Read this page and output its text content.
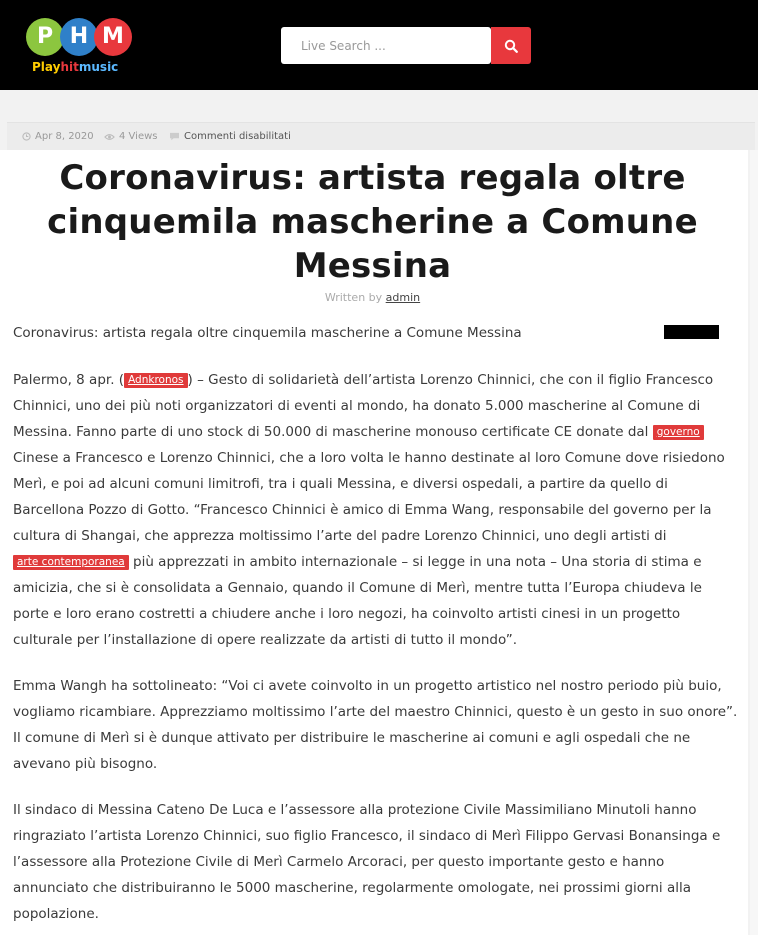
P H M
Playhitmusic
Live Search ...
Apr 8, 2020	4 Views	Commenti disabilitati
Coronavirus: artista regala oltre cinquemila mascherine a Comune Messina
Written by admin
Coronavirus: artista regala oltre cinquemila mascherine a Comune Messina

Palermo, 8 apr. ( Adnkronos ) – Gesto di solidarietà dell’artista Lorenzo Chinnici, che con il figlio Francesco Chinnici, uno dei più noti organizzatori di eventi al mondo, ha donato 5.000 mascherine al Comune di Messina. Fanno parte di uno stock di 50.000 di mascherine monouso certificate CE donate dal governo Cinese a Francesco e Lorenzo Chinnici, che a loro volta le hanno destinate al loro Comune dove risiedono Merì, e poi ad alcuni comuni limitrofi, tra i quali Messina, e diversi ospedali, a partire da quello di Barcellona Pozzo di Gotto. “Francesco Chinnici è amico di Emma Wang, responsabile del governo per la cultura di Shangai, che apprezza moltissimo l’arte del padre Lorenzo Chinnici, uno degli artisti di arte contemporanea più apprezzati in ambito internazionale – si legge in una nota – Una storia di stima e amicizia, che si è consolidata a Gennaio, quando il Comune di Merì, mentre tutta l’Europa chiudeva le porte e loro erano costretti a chiudere anche i loro negozi, ha coinvolto artisti cinesi in un progetto culturale per l’installazione di opere realizzate da artisti di tutto il mondo”.

Emma Wangh ha sottolineato: “Voi ci avete coinvolto in un progetto artistico nel nostro periodo più buio, vogliamo ricambiare. Apprezziamo moltissimo l’arte del maestro Chinnici, questo è un gesto in suo onore”. Il comune di Merì si è dunque attivato per distribuire le mascherine ai comuni e agli ospedali che ne avevano più bisogno.

Il sindaco di Messina Cateno De Luca e l’assessore alla protezione Civile Massimiliano Minutoli hanno ringraziato l’artista Lorenzo Chinnici, suo figlio Francesco, il sindaco di Merì Filippo Gervasi Bonansinga e l’assessore alla Protezione Civile di Merì Carmelo Arcoraci, per questo importante gesto e hanno annunciato che distribuiranno le 5000 mascherine, regolarmente omologate, nei prossimi giorni alla popolazione.
